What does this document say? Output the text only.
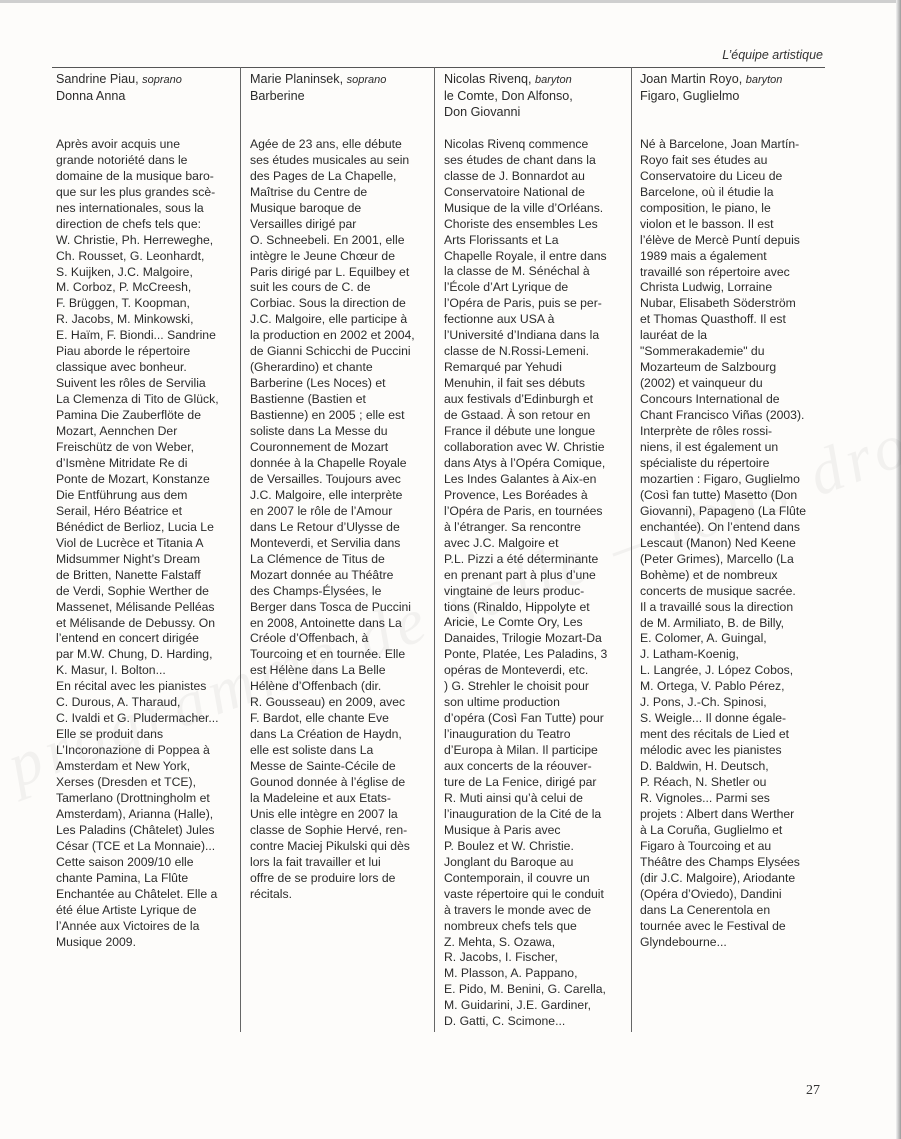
L’équipe artistique
Sandrine Piau, soprano
Donna Anna
Après avoir acquis une
grande notoriété dans le
domaine de la musique baro-
que sur les plus grandes scè-
nes internationales, sous la
direction de chefs tels que:
W. Christie, Ph. Herreweghe,
Ch. Rousset, G. Leonhardt,
S. Kuijken, J.C. Malgoire,
M. Corboz, P. McCreesh,
F. Brüggen, T. Koopman,
R. Jacobs, M. Minkowski,
E. Haïm, F. Biondi... Sandrine
Piau aborde le répertoire
classique avec bonheur.
Suivent les rôles de Servilia
La Clemenza di Tito de Glück,
Pamina Die Zauberflöte de
Mozart, Aennchen Der
Freischütz de von Weber,
d’Ismène Mitridate Re di
Ponte de Mozart, Konstanze
Die Entführung aus dem
Serail, Héro Béatrice et
Bénédict de Berlioz, Lucia Le
Viol de Lucrèce et Titania A
Midsummer Night’s Dream
de Britten, Nanette Falstaff
de Verdi, Sophie Werther de
Massenet, Mélisande Pelléas
et Mélisande de Debussy. On
l’entend en concert dirigée
par M.W. Chung, D. Harding,
K. Masur, I. Bolton...
En récital avec les pianistes
C. Durous, A. Tharaud,
C. Ivaldi et G. Pludermacher...
Elle se produit dans
L’Incoronazione di Poppea à
Amsterdam et New York,
Xerses (Dresden et TCE),
Tamerlano (Drottningholm et
Amsterdam), Arianna (Halle),
Les Paladins (Châtelet) Jules
César (TCE et La Monnaie)...
Cette saison 2009/10 elle
chante Pamina, La Flûte
Enchantée au Châtelet. Elle a
été élue Artiste Lyrique de
l’Année aux Victoires de la
Musique 2009.
Marie Planinsek, soprano
Barberine
Agée de 23 ans, elle débute
ses études musicales au sein
des Pages de La Chapelle,
Maîtrise du Centre de
Musique baroque de
Versailles dirigé par
O. Schneebeli. En 2001, elle
intègre le Jeune Chœur de
Paris dirigé par L. Equilbey et
suit les cours de C. de
Corbiac. Sous la direction de
J.C. Malgoire, elle participe à
la production en 2002 et 2004,
de Gianni Schicchi de Puccini
(Gherardino) et chante
Barberine (Les Noces) et
Bastienne (Bastien et
Bastienne) en 2005 ; elle est
soliste dans La Messe du
Couronnement de Mozart
donnée à la Chapelle Royale
de Versailles. Toujours avec
J.C. Malgoire, elle interprète
en 2007 le rôle de l’Amour
dans Le Retour d’Ulysse de
Monteverdi, et Servilia dans
La Clémence de Titus de
Mozart donnée au Théâtre
des Champs-Élysées, le
Berger dans Tosca de Puccini
en 2008, Antoinette dans La
Créole d’Offenbach, à
Tourcoing et en tournée. Elle
est Hélène dans La Belle
Hélène d’Offenbach (dir.
R. Gousseau) en 2009, avec
F. Bardot, elle chante Eve
dans La Création de Haydn,
elle est soliste dans La
Messe de Sainte-Cécile de
Gounod donnée à l’église de
la Madeleine et aux Etats-
Unis elle intègre en 2007 la
classe de Sophie Hervé, ren-
contre Maciej Pikulski qui dès
lors la fait travailler et lui
offre de se produire lors de
récitals.
Nicolas Rivenq, baryton
le Comte, Don Alfonso,
Don Giovanni
Nicolas Rivenq commence
ses études de chant dans la
classe de J. Bonnardot au
Conservatoire National de
Musique de la ville d’Orléans.
Choriste des ensembles Les
Arts Florissants et La
Chapelle Royale, il entre dans
la classe de M. Sénéchal à
l’École d’Art Lyrique de
l’Opéra de Paris, puis se per-
fectionne aux USA à
l’Université d’Indiana dans la
classe de N.Rossi-Lemeni.
Remarqué par Yehudi
Menuhin, il fait ses débuts
aux festivals d’Edinburgh et
de Gstaad. À son retour en
France il débute une longue
collaboration avec W. Christie
dans Atys à l’Opéra Comique,
Les Indes Galantes à Aix-en
Provence, Les Boréades à
l’Opéra de Paris, en tournées
à l’étranger. Sa rencontre
avec J.C. Malgoire et
P.L. Pizzi a été déterminante
en prenant part à plus d’une
vingtaine de leurs produc-
tions (Rinaldo, Hippolyte et
Aricie, Le Comte Ory, Les
Danaides, Trilogie Mozart-Da
Ponte, Platée, Les Paladins, 3
opéras de Monteverdi, etc.
) G. Strehler le choisit pour
son ultime production
d’opéra (Così Fan Tutte) pour
l’inauguration du Teatro
d’Europa à Milan. Il participe
aux concerts de la réouver-
ture de La Fenice, dirigé par
R. Muti ainsi qu’à celui de
l’inauguration de la Cité de la
Musique à Paris avec
P. Boulez et W. Christie.
Jonglant du Baroque au
Contemporain, il couvre un
vaste répertoire qui le conduit
à travers le monde avec de
nombreux chefs tels que
Z. Mehta, S. Ozawa,
R. Jacobs, I. Fischer,
M. Plasson, A. Pappano,
E. Pido, M. Benini, G. Carella,
M. Guidarini, J.E. Gardiner,
D. Gatti, C. Scimone...
Joan Martin Royo, baryton
Figaro, Guglielmo
Né à Barcelone, Joan Martín-
Royo fait ses études au
Conservatoire du Liceu de
Barcelone, où il étudie la
composition, le piano, le
violon et le basson. Il est
l’élève de Mercè Puntí depuis
1989 mais a également
travaillé son répertoire avec
Christa Ludwig, Lorraine
Nubar, Elisabeth Söderström
et Thomas Quasthoff. Il est
lauréat de la
"Sommerakademie" du
Mozarteum de Salzbourg
(2002) et vainqueur du
Concours International de
Chant Francisco Viñas (2003).
Interprète de rôles rossi-
niens, il est également un
spécialiste du répertoire
mozartien : Figaro, Guglielmo
(Così fan tutte) Masetto (Don
Giovanni), Papageno (La Flûte
enchantée). On l’entend dans
Lescaut (Manon) Ned Keene
(Peter Grimes), Marcello (La
Bohème) et de nombreux
concerts de musique sacrée.
Il a travaillé sous la direction
de M. Armiliato, B. de Billy,
E. Colomer, A. Guingal,
J. Latham-Koenig,
L. Langrée, J. López Cobos,
M. Ortega, V. Pablo Pérez,
J. Pons, J.-Ch. Spinosi,
S. Weigle... Il donne égale-
ment des récitals de Lied et
mélodic avec les pianistes
D. Baldwin, H. Deutsch,
P. Réach, N. Shetler ou
R. Vignoles... Parmi ses
projets : Albert dans Werther
à La Coruña, Guglielmo et
Figaro à Tourcoing et au
Théâtre des Champs Elysées
(dir J.C. Malgoire), Ariodante
(Opéra d’Oviedo), Dandini
dans La Cenerentola en
tournée avec le Festival de
Glyndebourne...
27
